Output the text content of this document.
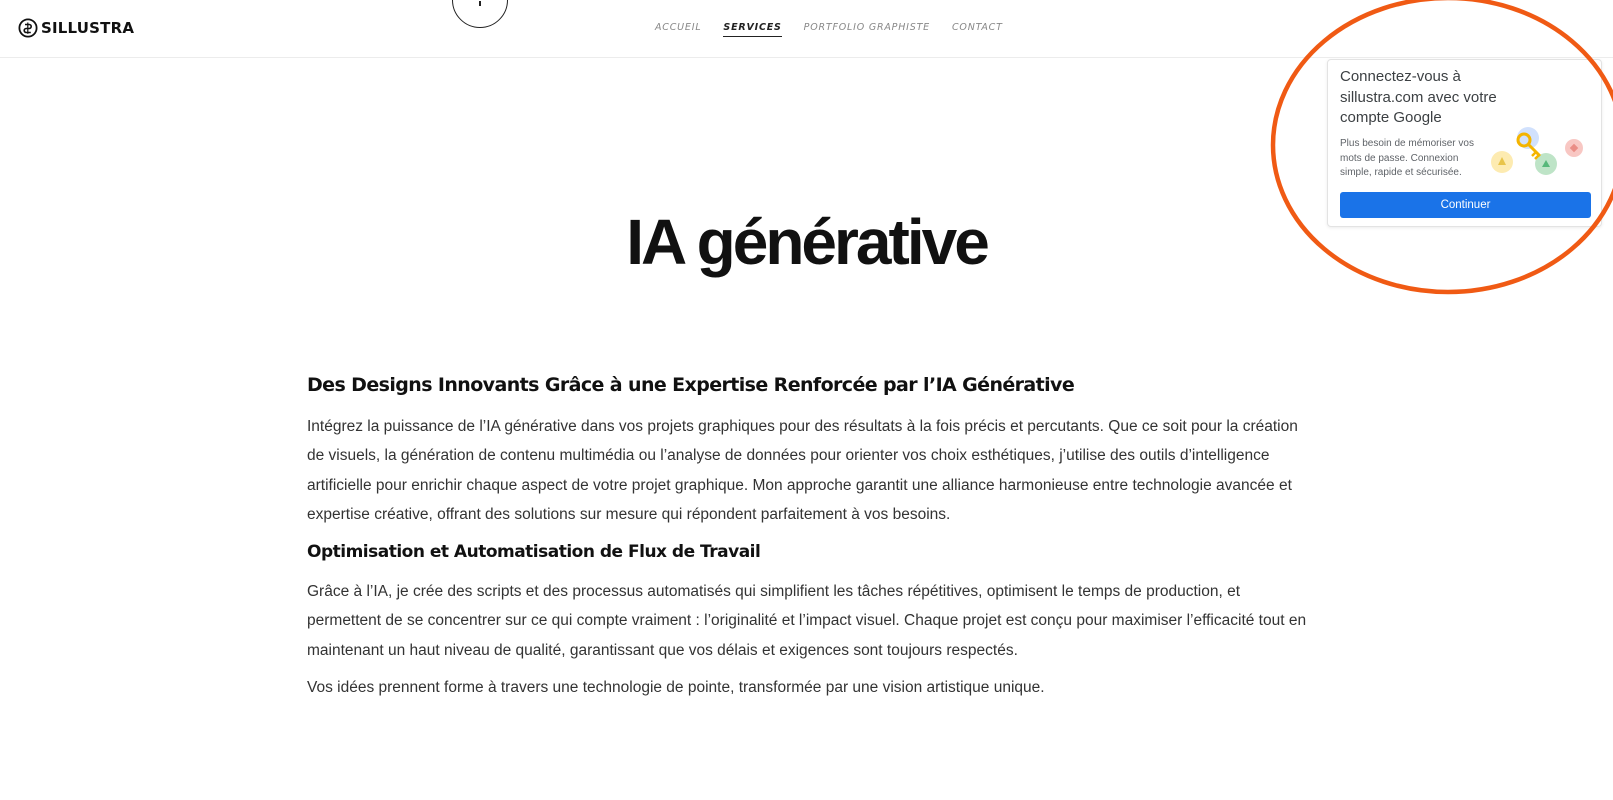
SILLUSTRA	ACCUEIL SERVICES PORTFOLIO GRAPHISTE CONTACT
IA générative
Des Designs Innovants Grâce à une Expertise Renforcée par l’IA Générative

Intégrez la puissance de l’IA générative dans vos projets graphiques pour des résultats à la fois précis et percutants. Que ce soit pour la création de visuels, la génération de contenu multimédia ou l’analyse de données pour orienter vos choix esthétiques, j’utilise des outils d’intelligence artificielle pour enrichir chaque aspect de votre projet graphique. Mon approche garantit une alliance harmonieuse entre technologie avancée et expertise créative, offrant des solutions sur mesure qui répondent parfaitement à vos besoins.

Optimisation et Automatisation de Flux de Travail

Grâce à l’IA, je crée des scripts et des processus automatisés qui simplifient les tâches répétitives, optimisent le temps de production, et permettent de se concentrer sur ce qui compte vraiment : l’originalité et l’impact visuel. Chaque projet est conçu pour maximiser l’efficacité tout en maintenant un haut niveau de qualité, garantissant que vos délais et exigences sont toujours respectés.

Vos idées prennent forme à travers une technologie de pointe, transformée par une vision artistique unique.

Connectez-vous à sillustra.com avec votre compte Google
Plus besoin de mémoriser vos mots de passe. Connexion simple, rapide et sécurisée.
Continuer
